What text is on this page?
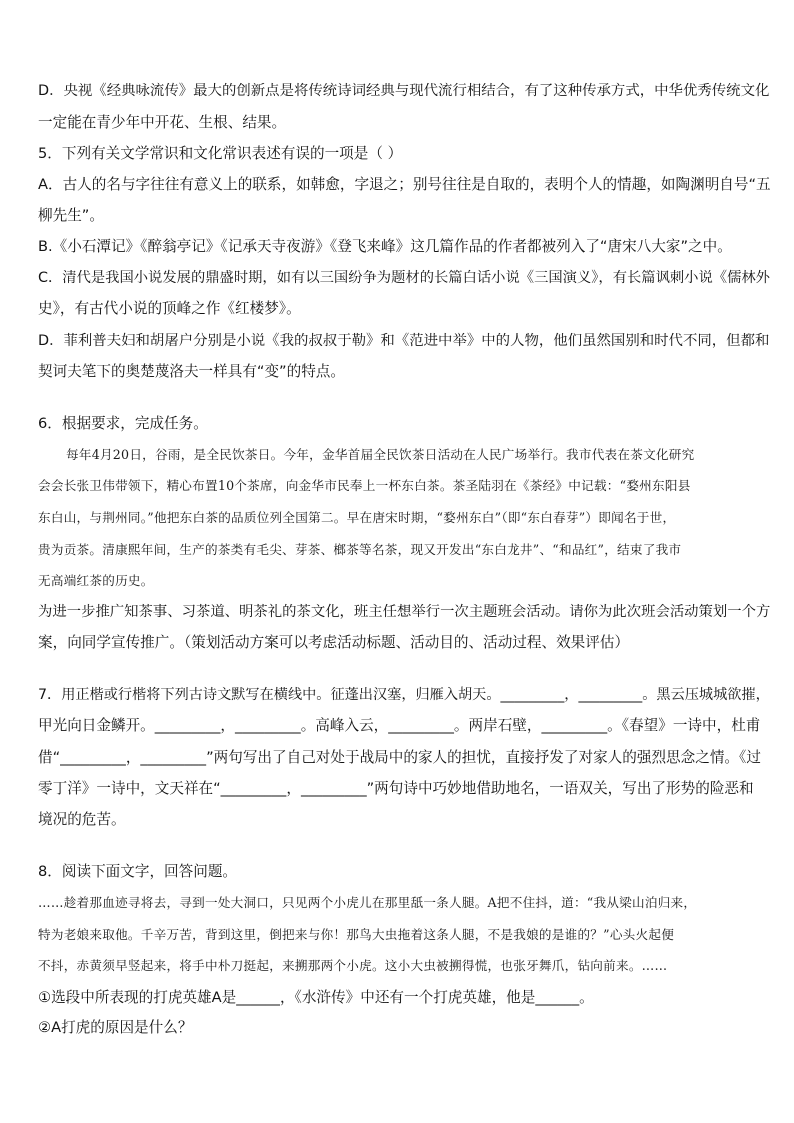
D．央视《经典咏流传》最大的创新点是将传统诗词经典与现代流行相结合，有了这种传承方式，中华优秀传统文化
一定能在青少年中开花、生根、结果。
5．下列有关文学常识和文化常识表述有误的一项是（ ）
A．古人的名与字往往有意义上的联系，如韩愈，字退之；别号往往是自取的，表明个人的情趣，如陶渊明自号“五
柳先生”。
B.《小石潭记》《醉翁亭记》《记承天寺夜游》《登飞来峰》这几篇作品的作者都被列入了“唐宋八大家”之中。
C．清代是我国小说发展的鼎盛时期，如有以三国纷争为题材的长篇白话小说《三国演义》，有长篇讽刺小说《儒林外
史》，有古代小说的顶峰之作《红楼梦》。
D．菲利普夫妇和胡屠户分别是小说《我的叔叔于勒》和《范进中举》中的人物，他们虽然国别和时代不同，但都和
契诃夫笔下的奥楚蔑洛夫一样具有“变”的特点。
6．根据要求，完成任务。
每年4月20日，谷雨，是全民饮茶日。今年，金华首届全民饮茶日活动在人民广场举行。我市代表在茶文化研究
会会长张卫伟带领下，精心布置10个茶席，向金华市民奉上一杯东白茶。茶圣陆羽在《茶经》中记载：“婺州东阳县
东白山，与荆州同。”他把东白茶的品质位列全国第二。早在唐宋时期，“婺州东白”（即“东白春芽”）即闻名于世，
贵为贡茶。清康熙年间，生产的茶类有毛尖、芽茶、榔茶等名茶，现又开发出“东白龙井”、“和品红”，结束了我市
无高端红茶的历史。
为进一步推广知茶事、习茶道、明茶礼的茶文化，班主任想举行一次主题班会活动。请你为此次班会活动策划一个方
案，向同学宣传推广。（策划活动方案可以考虑活动标题、活动目的、活动过程、效果评估）
7．用正楷或行楷将下列古诗文默写在横线中。征蓬出汉塞，归雁入胡天。_________，_________。黑云压城城欲摧，
甲光向日金鳞开。_________，_________。高峰入云，_________。两岸石壁，_________。《春望》一诗中，杜甫
借“_________，_________”两句写出了自己对处于战局中的家人的担忧，直接抒发了对家人的强烈思念之情。《过
零丁洋》一诗中，文天祥在“_________，_________”两句诗中巧妙地借助地名，一语双关，写出了形势的险恶和
境况的危苦。
8．阅读下面文字，回答问题。
……趁着那血迹寻将去，寻到一处大洞口，只见两个小虎儿在那里舐一条人腿。A把不住抖，道：“我从梁山泊归来，
特为老娘来取他。千辛万苦，背到这里，倒把来与你！那鸟大虫拖着这条人腿，不是我娘的是谁的？”心头火起便
不抖，赤黄须早竖起来，将手中朴刀挺起，来搠那两个小虎。这小大虫被搠得慌，也张牙舞爪，钻向前来。……
①选段中所表现的打虎英雄A是______，《水浒传》中还有一个打虎英雄，他是______。
②A打虎的原因是什么？
